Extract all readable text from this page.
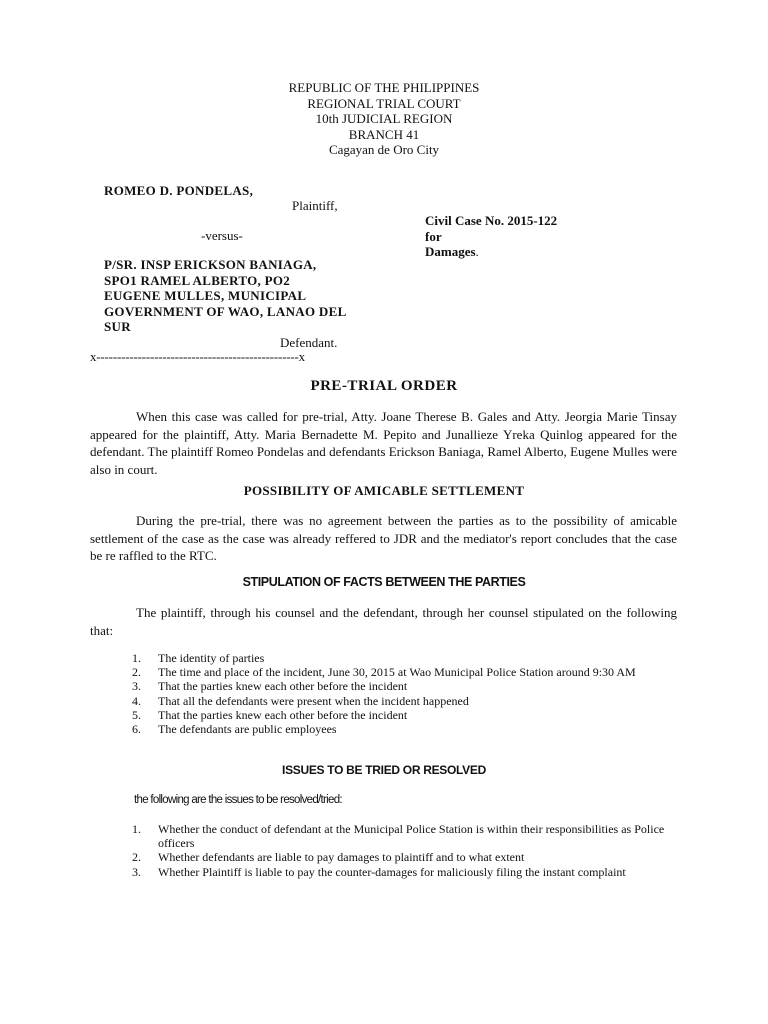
REPUBLIC OF THE PHILIPPINES
REGIONAL TRIAL COURT
10th JUDICIAL REGION
BRANCH 41
Cagayan de Oro City
ROMEO D. PONDELAS,
Plaintiff,
-versus-
Civil Case No. 2015-122
for
Damages.
P/SR. INSP ERICKSON BANIAGA, SPO1 RAMEL ALBERTO, PO2 EUGENE MULLES, MUNICIPAL GOVERNMENT OF WAO, LANAO DEL SUR
Defendant.
x-------------------------------------------------x
PRE-TRIAL ORDER
When this case was called for pre-trial, Atty. Joane Therese B. Gales and Atty. Jeorgia Marie Tinsay appeared for the plaintiff, Atty. Maria Bernadette M. Pepito and Junallieze Yreka Quinlog appeared for the defendant. The plaintiff Romeo Pondelas and defendants Erickson Baniaga, Ramel Alberto, Eugene Mulles were also in court.
POSSIBILITY OF AMICABLE SETTLEMENT
During the pre-trial, there was no agreement between the parties as to the possibility of amicable settlement of the case as the case was already reffered to JDR and the mediator's report concludes that the case be re raffled to the RTC.
STIPULATION OF FACTS BETWEEN THE PARTIES
The plaintiff, through his counsel and the defendant, through her counsel stipulated on the following that:
1. The identity of parties
2. The time and place of the incident, June 30, 2015 at Wao Municipal Police Station around 9:30 AM
3. That the parties knew each other before the incident
4. That all the defendants were present when the incident happened
5. That the parties knew each other before the incident
6. The defendants are public employees
ISSUES TO BE TRIED OR RESOLVED
the following are the issues to be resolved/tried:
1. Whether the conduct of defendant at the Municipal Police Station is within their responsibilities as Police officers
2. Whether defendants are liable to pay damages to plaintiff and to what extent
3. Whether Plaintiff is liable to pay the counter-damages for maliciously filing the instant complaint
